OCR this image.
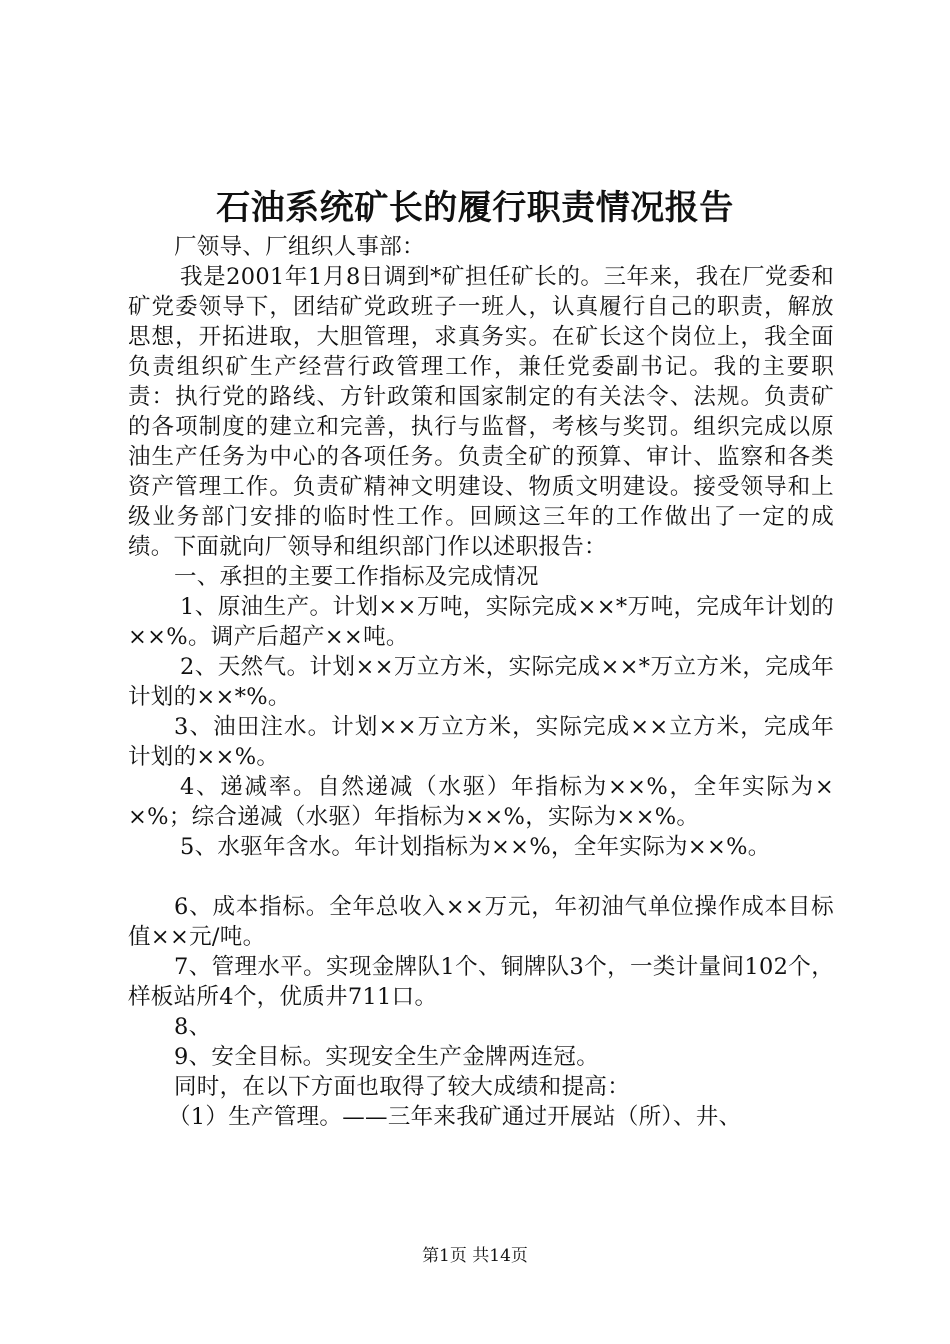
石油系统矿长的履行职责情况报告

厂领导、厂组织人事部：

我是2001年1月8日调到*矿担任矿长的。三年来，我在厂党委和矿党委领导下，团结矿党政班子一班人，认真履行自己的职责，解放思想，开拓进取，大胆管理，求真务实。在矿长这个岗位上，我全面负责组织矿生产经营行政管理工作，兼任党委副书记。我的主要职责：执行党的路线、方针政策和国家制定的有关法令、法规。负责矿的各项制度的建立和完善，执行与监督，考核与奖罚。组织完成以原油生产任务为中心的各项任务。负责全矿的预算、审计、监察和各类资产管理工作。负责矿精神文明建设、物质文明建设。接受领导和上级业务部门安排的临时性工作。回顾这三年的工作做出了一定的成绩。下面就向厂领导和组织部门作以述职报告：

一、承担的主要工作指标及完成情况

1、原油生产。计划××万吨，实际完成××*万吨，完成年计划的××%。调产后超产××吨。

2、天然气。计划××万立方米，实际完成××*万立方米，完成年计划的××*%。

3、油田注水。计划××万立方米，实际完成××立方米，完成年计划的××%。

4、递减率。自然递减（水驱）年指标为××%，全年实际为××%；综合递减（水驱）年指标为××%，实际为××%。

5、水驱年含水。年计划指标为××%，全年实际为××%。

6、成本指标。全年总收入××万元，年初油气单位操作成本目标值××元/吨。

7、管理水平。实现金牌队1个、铜牌队3个，一类计量间102个，样板站所4个，优质井711口。

8、

9、安全目标。实现安全生产金牌两连冠。

同时，在以下方面也取得了较大成绩和提高：

（1）生产管理。——三年来我矿通过开展站（所）、井、

第1页 共14页
